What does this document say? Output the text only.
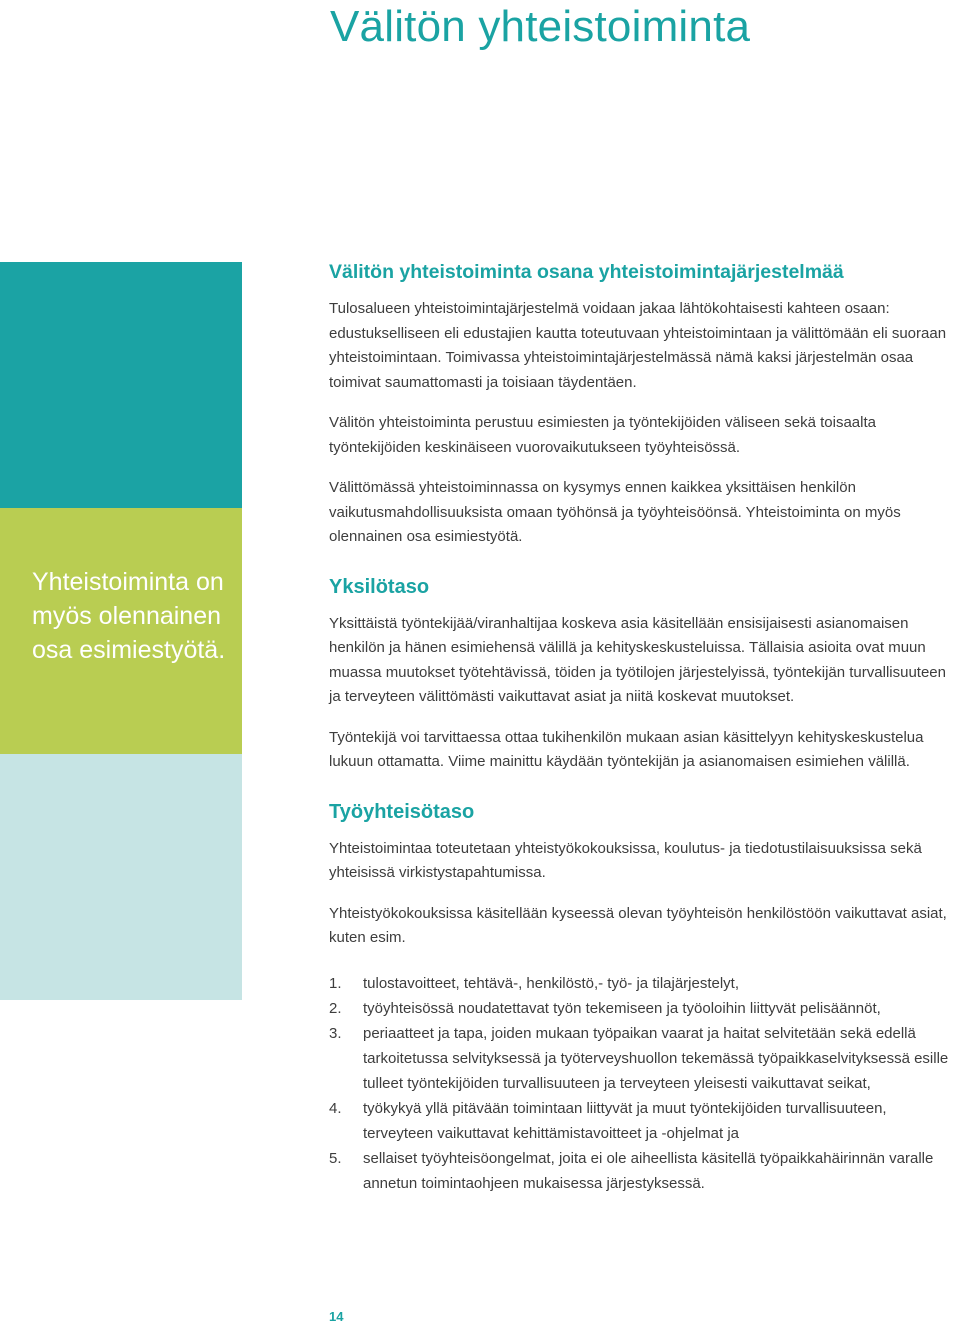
Välitön yhteistoiminta

Yhteistoiminta on myös olennainen osa esimiestyötä.

Välitön yhteistoiminta osana yhteistoimintajärjestelmää

Tulosalueen yhteistoimintajärjestelmä voidaan jakaa lähtökohtaisesti kahteen osaan: edustukselliseen eli edustajien kautta toteutuvaan yhteistoimintaan ja välittömään eli suoraan yhteistoimintaan. Toimivassa yhteistoimintajärjestelmässä nämä kaksi järjestelmän osaa toimivat saumattomasti ja toisiaan täydentäen.

Välitön yhteistoiminta perustuu esimiesten ja työntekijöiden väliseen sekä toisaalta työntekijöiden keskinäiseen vuorovaikutukseen työyhteisössä.

Välittömässä yhteistoiminnassa on kysymys ennen kaikkea yksittäisen henkilön vaikutusmahdollisuuksista omaan työhönsä ja työyhteisöönsä. Yhteistoiminta on myös olennainen osa esimiestyötä.

Yksilötaso

Yksittäistä työntekijää/viranhaltijaa koskeva asia käsitellään ensisijaisesti asianomaisen henkilön ja hänen esimiehensä välillä ja kehityskeskusteluissa. Tällaisia asioita ovat muun muassa muutokset työtehtävissä, töiden ja työtilojen järjestelyissä, työntekijän turvallisuuteen ja terveyteen välittömästi vaikuttavat asiat ja niitä koskevat muutokset.

Työntekijä voi tarvittaessa ottaa tukihenkilön mukaan asian käsittelyyn kehityskeskustelua lukuun ottamatta. Viime mainittu käydään työntekijän ja asianomaisen esimiehen välillä.

Työyhteisötaso

Yhteistoimintaa toteutetaan yhteistyökokouksissa, koulutus- ja tiedotustilaisuuksissa sekä yhteisissä virkistystapahtumissa.

Yhteistyökokouksissa käsitellään kyseessä olevan työyhteisön henkilöstöön vaikuttavat asiat, kuten esim.

1. tulostavoitteet, tehtävä-, henkilöstö,- työ- ja tilajärjestelyt,
2. työyhteisössä noudatettavat työn tekemiseen ja työoloihin liittyvät pelisäännöt,
3. periaatteet ja tapa, joiden mukaan työpaikan vaarat ja haitat selvitetään sekä edellä tarkoitetussa selvityksessä ja työterveyshuollon tekemässä työpaikkaselvityksessä esille tulleet työntekijöiden turvallisuuteen ja terveyteen yleisesti vaikuttavat seikat,
4. työkykyä yllä pitävään toimintaan liittyvät ja muut työntekijöiden turvallisuuteen, terveyteen vaikuttavat kehittämistavoitteet ja -ohjelmat ja
5. sellaiset työyhteisöongelmat, joita ei ole aiheellista käsitellä työpaikkahäirinnän varalle annetun toimintaohjeen mukaisessa järjestyksessä.

14
